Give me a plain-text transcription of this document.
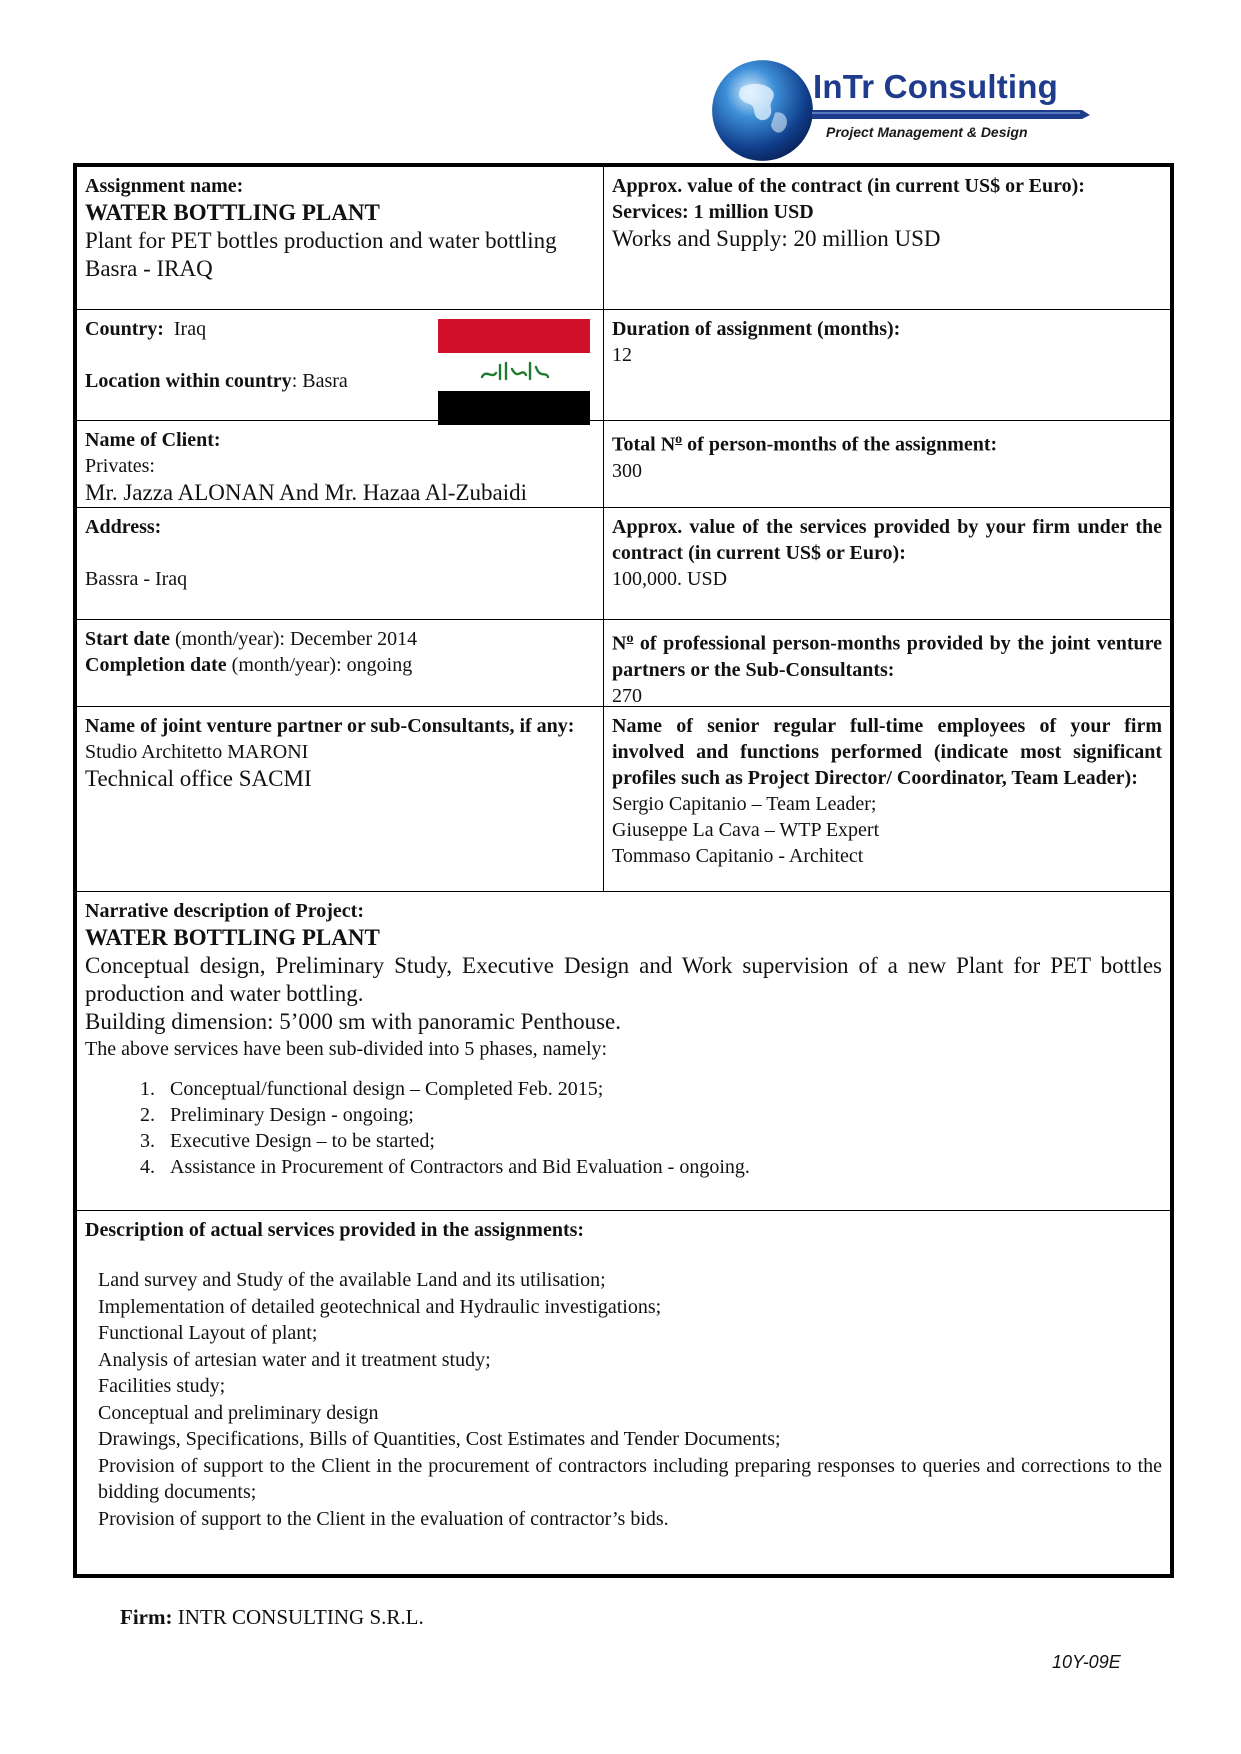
InTr Consulting
Project Management & Design
Assignment name:
WATER BOTTLING PLANT
Plant for PET bottles production and water bottling
Basra - IRAQ
Approx. value of the contract (in current US$ or Euro):
Services: 1 million USD
Works and Supply: 20 million USD
Country: Iraq
Location within country: Basra
Duration of assignment (months):
12
Name of Client:
Privates:
Mr. Jazza ALONAN And Mr. Hazaa Al-Zubaidi
Total $N^o$ of person-months of the assignment:
300
Address:
Bassra - Iraq
Approx. value of the services provided by your firm under the contract (in current US$ or Euro):
100,000. USD
Start date (month/year): December 2014
Completion date (month/year): ongoing
$N^o$ of professional person-months provided by the joint venture partners or the Sub-Consultants:
270
Name of joint venture partner or sub-Consultants, if any:
Studio Architetto MARONI
Technical office SACMI
Name of senior regular full-time employees of your firm involved and functions performed (indicate most significant profiles such as Project Director/ Coordinator, Team Leader):
Sergio Capitanio – Team Leader;
Giuseppe La Cava – WTP Expert
Tommaso Capitanio - Architect
Narrative description of Project:
WATER BOTTLING PLANT
Conceptual design, Preliminary Study, Executive Design and Work supervision of a new Plant for PET bottles production and water bottling.
Building dimension: 5’000 sm with panoramic Penthouse.
The above services have been sub-divided into 5 phases, namely:
1. Conceptual/functional design – Completed Feb. 2015;
2. Preliminary Design - ongoing;
3. Executive Design – to be started;
4. Assistance in Procurement of Contractors and Bid Evaluation - ongoing.
Description of actual services provided in the assignments:
Land survey and Study of the available Land and its utilisation;
Implementation of detailed geotechnical and Hydraulic investigations;
Functional Layout of plant;
Analysis of artesian water and it treatment study;
Facilities study;
Conceptual and preliminary design
Drawings, Specifications, Bills of Quantities, Cost Estimates and Tender Documents;
Provision of support to the Client in the procurement of contractors including preparing responses to queries and corrections to the bidding documents;
Provision of support to the Client in the evaluation of contractor’s bids.
Firm: INTR CONSULTING S.R.L.
10Y-09E
